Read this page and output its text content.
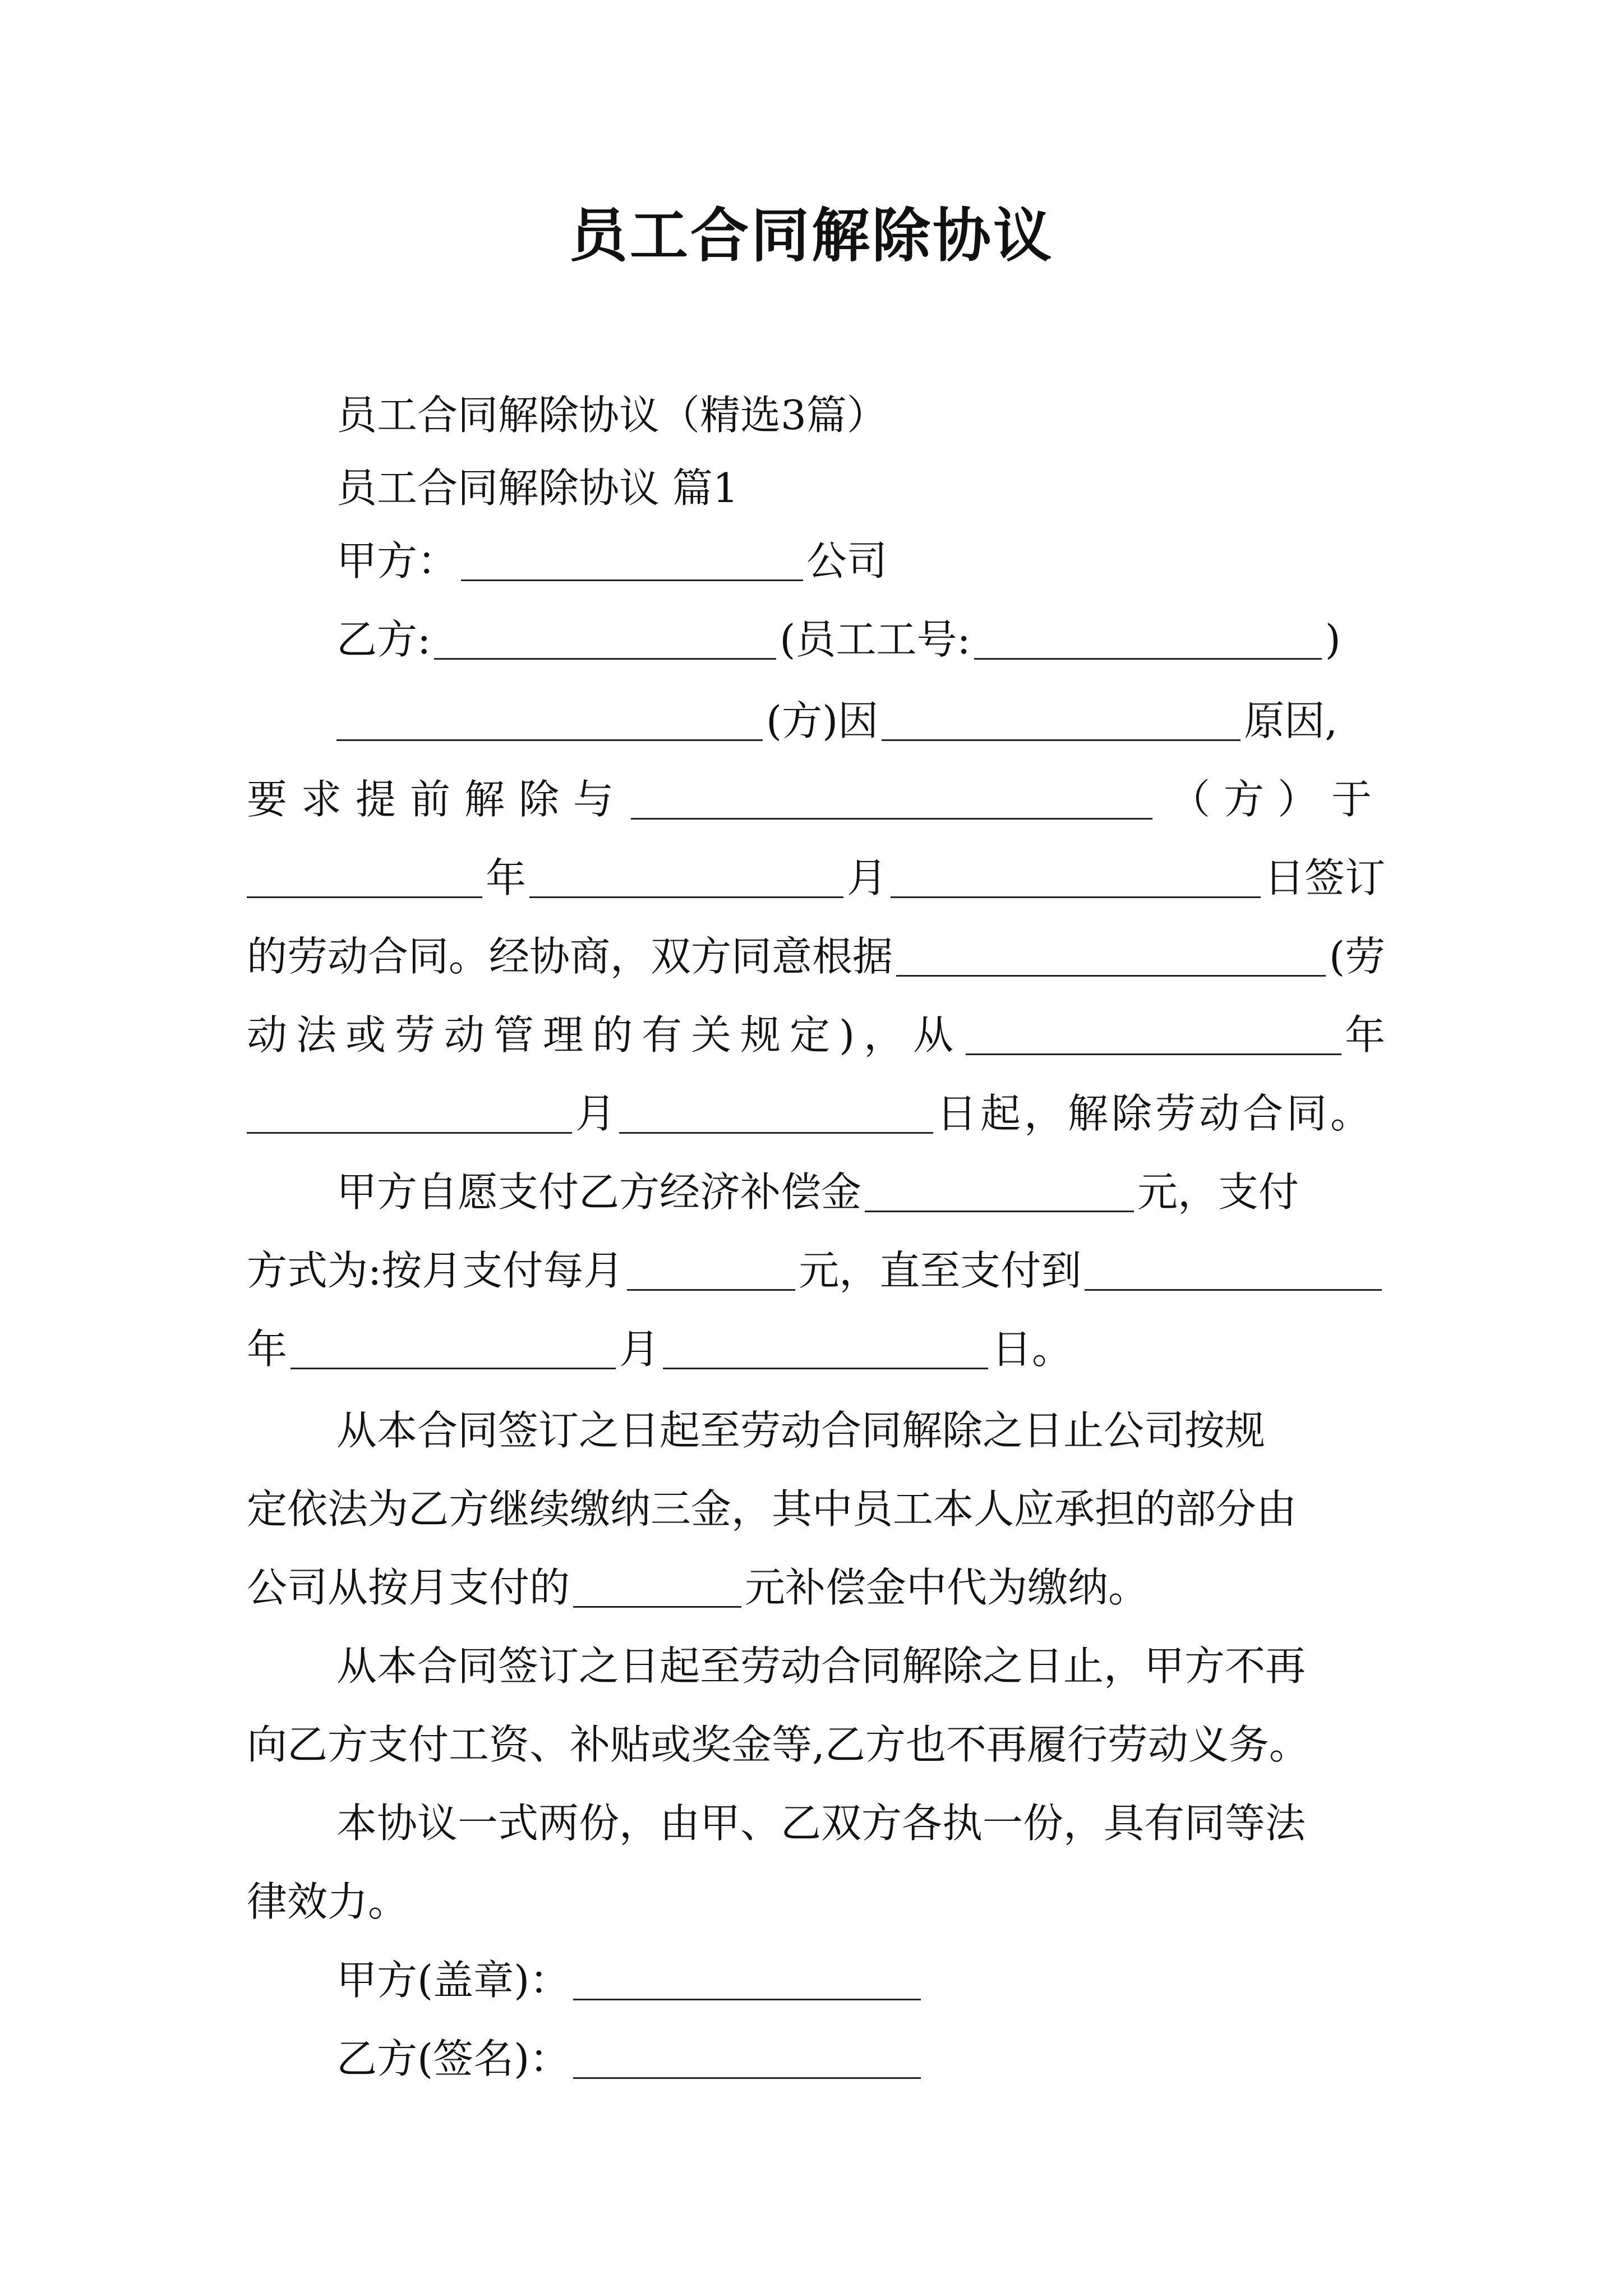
员工合同解除协议
员工合同解除协议（精选3篇）
员工合同解除协议 篇1
甲方：	公司
乙方:	(员工工号:	)
(方)因	原因,
要 求 提 前 解 除 与	（方）于
年	月	日签订
的劳动合同。经协商，双方同意根据	(劳
动法或劳动管理的有关规定)，从	年
月	日起，解除劳动合同。
甲方自愿支付乙方经济补偿金	元，支付
方式为:按月支付每月	元，直至支付到
年	月	日。
从本合同签订之日起至劳动合同解除之日止公司按规
定依法为乙方继续缴纳三金，其中员工本人应承担的部分由
公司从按月支付的	元补偿金中代为缴纳。
从本合同签订之日起至劳动合同解除之日止，甲方不再
向乙方支付工资、补贴或奖金等,乙方也不再履行劳动义务。
本协议一式两份，由甲、乙双方各执一份，具有同等法
律效力。
甲方(盖章)：
乙方(签名)：
